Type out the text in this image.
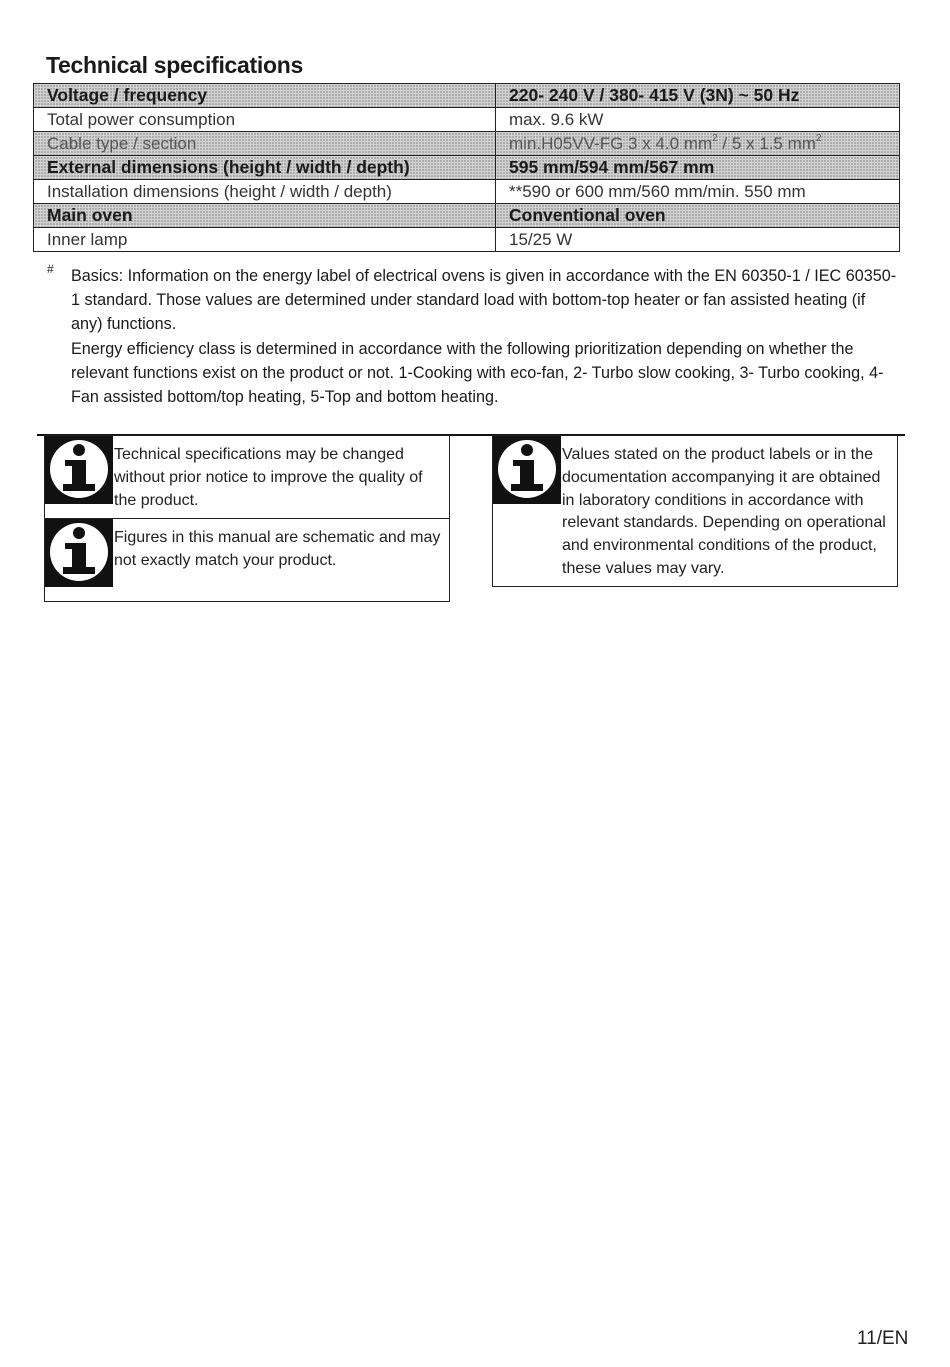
Technical specifications
Voltage / frequency	220- 240 V / 380- 415 V (3N) ~ 50 Hz
Total power consumption	max. 9.6 kW
Cable type / section	min.H05VV-FG 3 x 4.0 $mm^2 / 5$ x 1.5 $mm^2$
External dimensions (height / width / depth)	595 mm/594 mm/567 mm
Installation dimensions (height / width / depth)	**590 or 600 mm/560 mm/min. 550 mm
Main oven	Conventional oven
Inner lamp	15/25 W
# Basics: Information on the energy label of electrical ovens is given in accordance with the EN 60350-1 / IEC 60350-1 standard. Those values are determined under standard load with bottom-top heater or fan assisted heating (if any) functions.

Energy efficiency class is determined in accordance with the following prioritization depending on whether the relevant functions exist on the product or not. 1-Cooking with eco-fan, 2- Turbo slow cooking, 3- Turbo cooking, 4- Fan assisted bottom/top heating, 5-Top and bottom heating.

Technical specifications may be changed without prior notice to improve the quality of the product.
Figures in this manual are schematic and may not exactly match your product.
Values stated on the product labels or in the documentation accompanying it are obtained in laboratory conditions in accordance with relevant standards. Depending on operational and environmental conditions of the product, these values may vary.
11/EN
